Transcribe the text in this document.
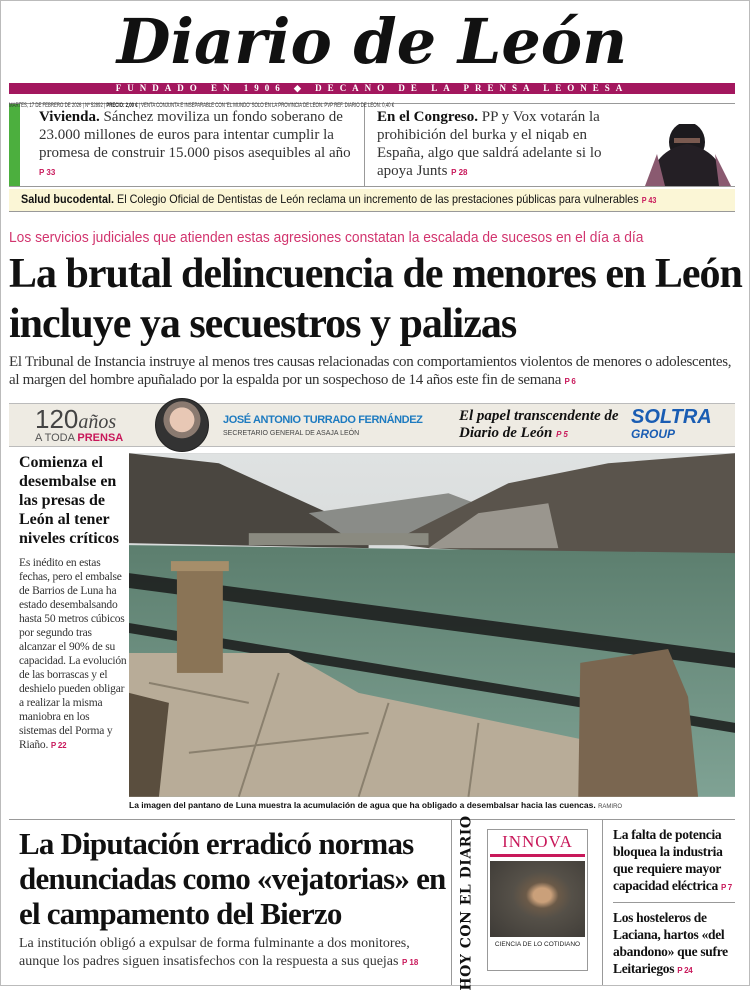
Diario de León
FUNDADO EN 1906 ◆ DECANO DE LA PRENSA LEONESA
MARTES, 17 DE FEBRERO DE 2026 | Nº 52892 | PRECIO: 2,00 € | VENTA CONJUNTA E INSEPARABLE CON 'EL MUNDO' SÓLO EN LA PROVINCIA DE LEÓN. PVP REF. DIARIO DE LEÓN: 0,40 €
Vivienda. Sánchez moviliza un fondo soberano de 23.000 millones de euros para intentar cumplir la promesa de construir 15.000 pisos asequibles al año P 33
En el Congreso. PP y Vox votarán la prohibición del burka y el niqab en España, algo que saldrá adelante si lo apoya Junts P 28
Salud bucodental. El Colegio Oficial de Dentistas de León reclama un incremento de las prestaciones públicas para vulnerables P 43
Los servicios judiciales que atienden estas agresiones constatan la escalada de sucesos en el día a día
La brutal delincuencia de menores en León incluye ya secuestros y palizas
El Tribunal de Instancia instruye al menos tres causas relacionadas con comportamientos violentos de menores o adolescentes, al margen del hombre apuñalado por la espalda por un sospechoso de 14 años este fin de semana P 6
120años
A TODA PRENSA
JOSÉ ANTONIO TURRADO FERNÁNDEZ
SECRETARIO GENERAL DE ASAJA LEÓN
El papel transcendente de Diario de León P 5
SOLTRA
GROUP
Comienza el desembalse en las presas de León al tener niveles críticos
Es inédito en estas fechas, pero el embalse de Barrios de Luna ha estado desembalsando hasta 50 metros cúbicos por segundo tras alcanzar el 90% de su capacidad. La evolución de las borrascas y el deshielo pueden obligar a realizar la misma maniobra en los sistemas del Porma y Riaño. P 22
La imagen del pantano de Luna muestra la acumulación de agua que ha obligado a desembalsar hacia las cuencas. RAMIRO
La Diputación erradicó normas denunciadas como «vejatorias» en el campamento del Bierzo
La institución obligó a expulsar de forma fulminante a dos monitores, aunque los padres siguen insatisfechos con la respuesta a sus quejas P 18	HOY CON EL DIARIO	INNOVA
CIENCIA DE LO COTIDIANO
La falta de potencia bloquea la industria que requiere mayor capacidad eléctrica P 7
Los hosteleros de Laciana, hartos «del abandono» que sufre Leitariegos P 24
